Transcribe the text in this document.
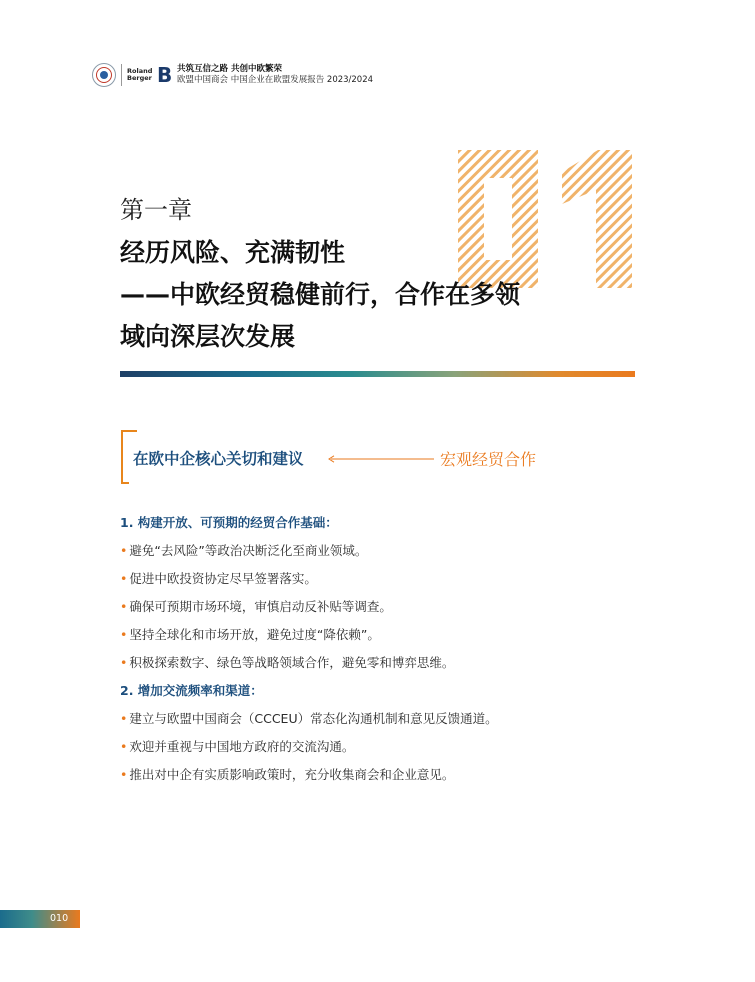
Roland
Berger B 共筑互信之路 共创中欧繁荣
欧盟中国商会 中国企业在欧盟发展报告 2023/2024
第一章
经历风险、充满韧性
——中欧经贸稳健前行，合作在多领
域向深层次发展
在欧中企核心关切和建议	宏观经贸合作
1. 构建开放、可预期的经贸合作基础：
• 避免“去风险”等政治决断泛化至商业领域。
• 促进中欧投资协定尽早签署落实。
• 确保可预期市场环境，审慎启动反补贴等调查。
• 坚持全球化和市场开放，避免过度“降依赖”。
• 积极探索数字、绿色等战略领域合作，避免零和博弈思维。
2. 增加交流频率和渠道：
• 建立与欧盟中国商会（CCCEU）常态化沟通机制和意见反馈通道。
• 欢迎并重视与中国地方政府的交流沟通。
• 推出对中企有实质影响政策时，充分收集商会和企业意见。
010
